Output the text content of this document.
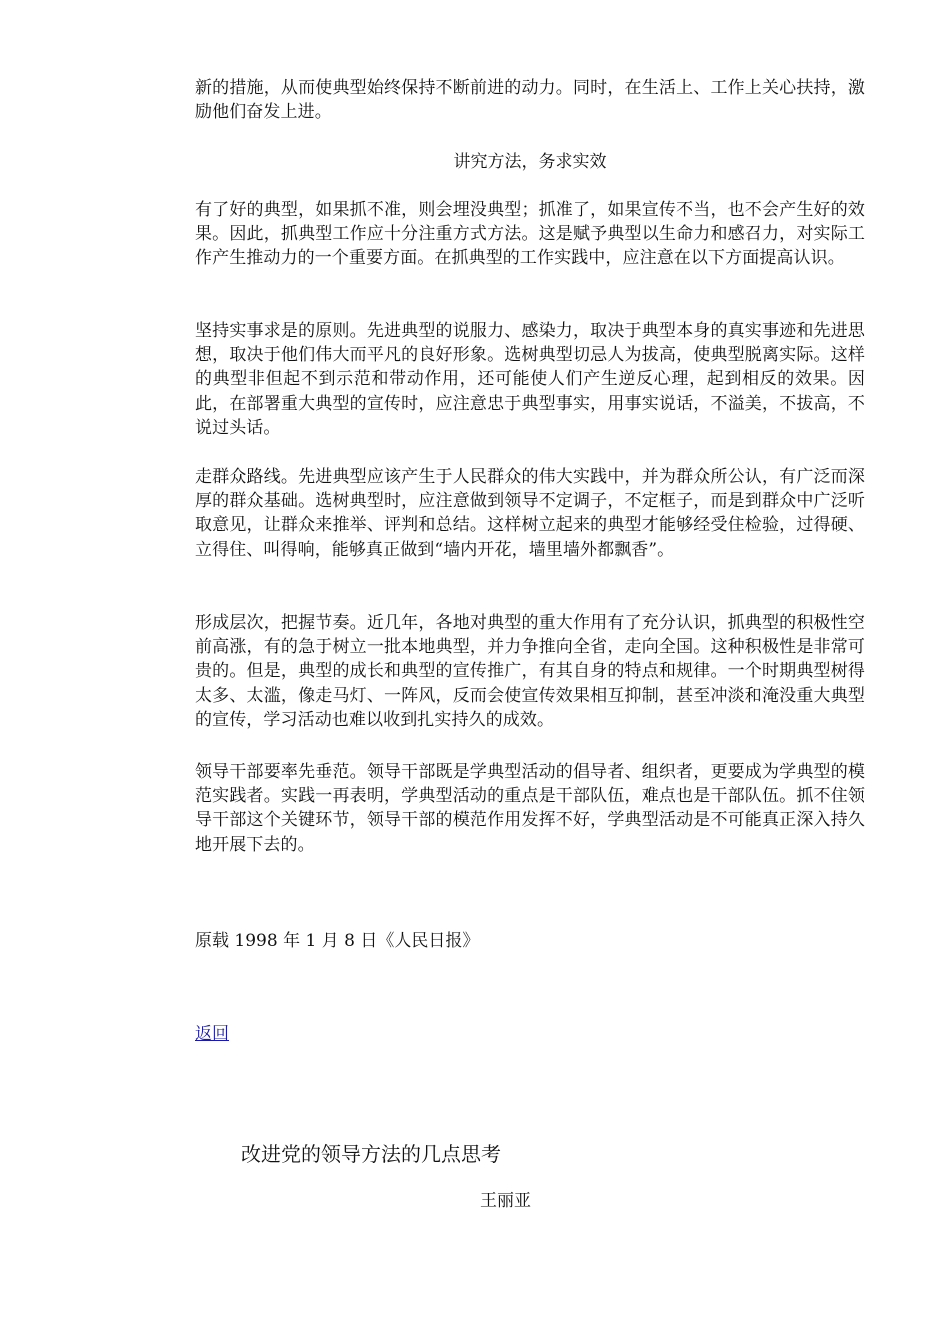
新的措施，从而使典型始终保持不断前进的动力。同时，在生活上、工作上关心扶持，激励他们奋发上进。

讲究方法，务求实效

有了好的典型，如果抓不准，则会埋没典型；抓准了，如果宣传不当，也不会产生好的效果。因此，抓典型工作应十分注重方式方法。这是赋予典型以生命力和感召力，对实际工作产生推动力的一个重要方面。在抓典型的工作实践中，应注意在以下方面提高认识。

坚持实事求是的原则。先进典型的说服力、感染力，取决于典型本身的真实事迹和先进思想，取决于他们伟大而平凡的良好形象。选树典型切忌人为拔高，使典型脱离实际。这样的典型非但起不到示范和带动作用，还可能使人们产生逆反心理，起到相反的效果。因此，在部署重大典型的宣传时，应注意忠于典型事实，用事实说话，不溢美，不拔高，不说过头话。

走群众路线。先进典型应该产生于人民群众的伟大实践中，并为群众所公认，有广泛而深厚的群众基础。选树典型时，应注意做到领导不定调子，不定框子，而是到群众中广泛听取意见，让群众来推举、评判和总结。这样树立起来的典型才能够经受住检验，过得硬、立得住、叫得响，能够真正做到“墙内开花，墙里墙外都飘香”。

形成层次，把握节奏。近几年，各地对典型的重大作用有了充分认识，抓典型的积极性空前高涨，有的急于树立一批本地典型，并力争推向全省，走向全国。这种积极性是非常可贵的。但是，典型的成长和典型的宣传推广，有其自身的特点和规律。一个时期典型树得太多、太滥，像走马灯、一阵风，反而会使宣传效果相互抑制，甚至冲淡和淹没重大典型的宣传，学习活动也难以收到扎实持久的成效。

领导干部要率先垂范。领导干部既是学典型活动的倡导者、组织者，更要成为学典型的模范实践者。实践一再表明，学典型活动的重点是干部队伍，难点也是干部队伍。抓不住领导干部这个关键环节，领导干部的模范作用发挥不好，学典型活动是不可能真正深入持久地开展下去的。

原载 1998 年 1 月 8 日《人民日报》

返回
改进党的领导方法的几点思考

王丽亚
